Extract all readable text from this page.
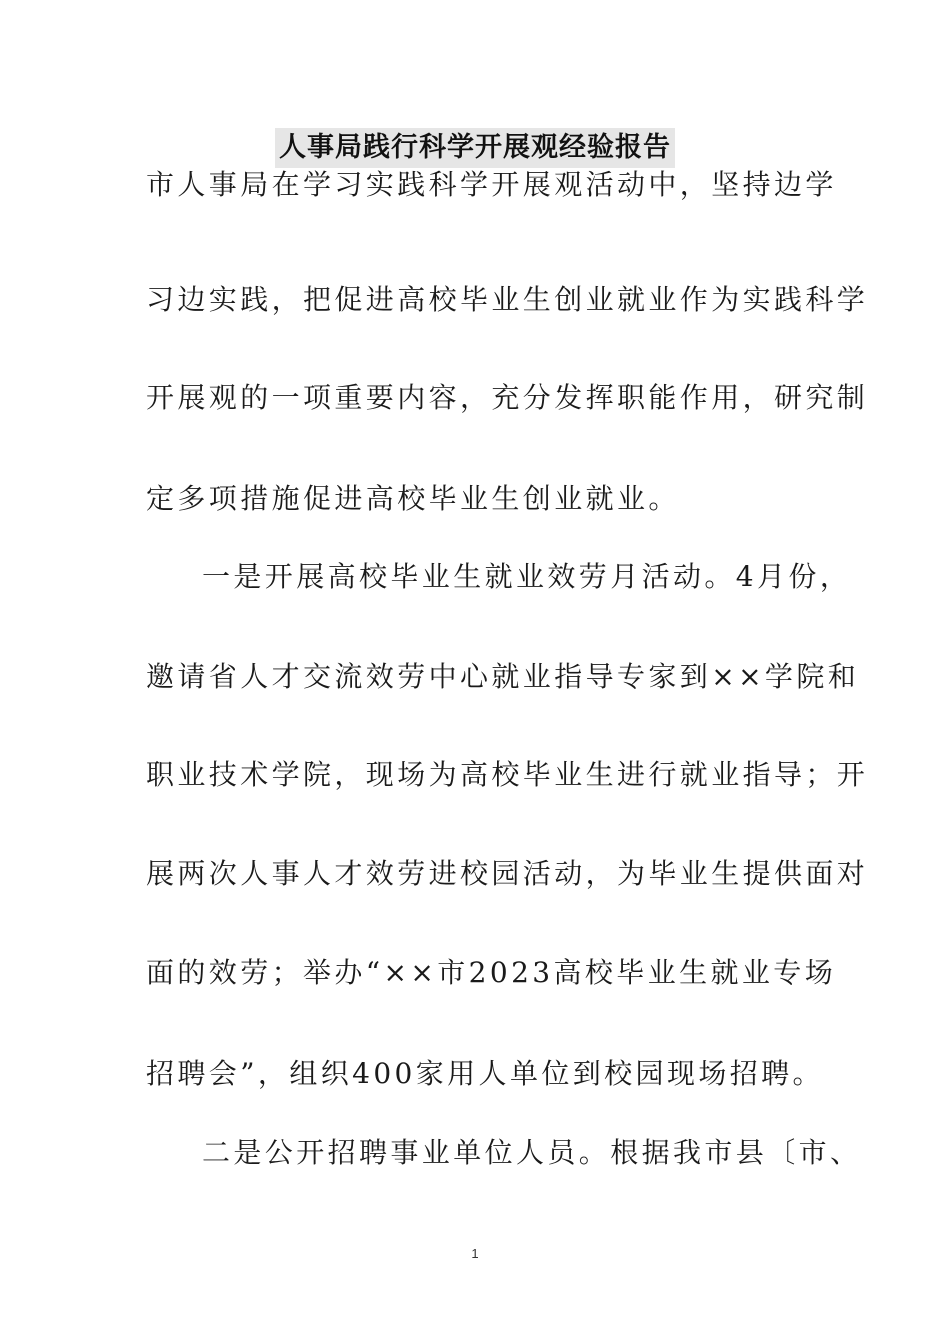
人事局践行科学开展观经验报告
市人事局在学习实践科学开展观活动中，坚持边学
习边实践，把促进高校毕业生创业就业作为实践科学
开展观的一项重要内容，充分发挥职能作用，研究制
定多项措施促进高校毕业生创业就业。
一是开展高校毕业生就业效劳月活动。4月份，
邀请省人才交流效劳中心就业指导专家到××学院和
职业技术学院，现场为高校毕业生进行就业指导；开
展两次人事人才效劳进校园活动，为毕业生提供面对
面的效劳；举办“××市2023高校毕业生就业专场
招聘会”，组织400家用人单位到校园现场招聘。
二是公开招聘事业单位人员。根据我市县〔市、
1
